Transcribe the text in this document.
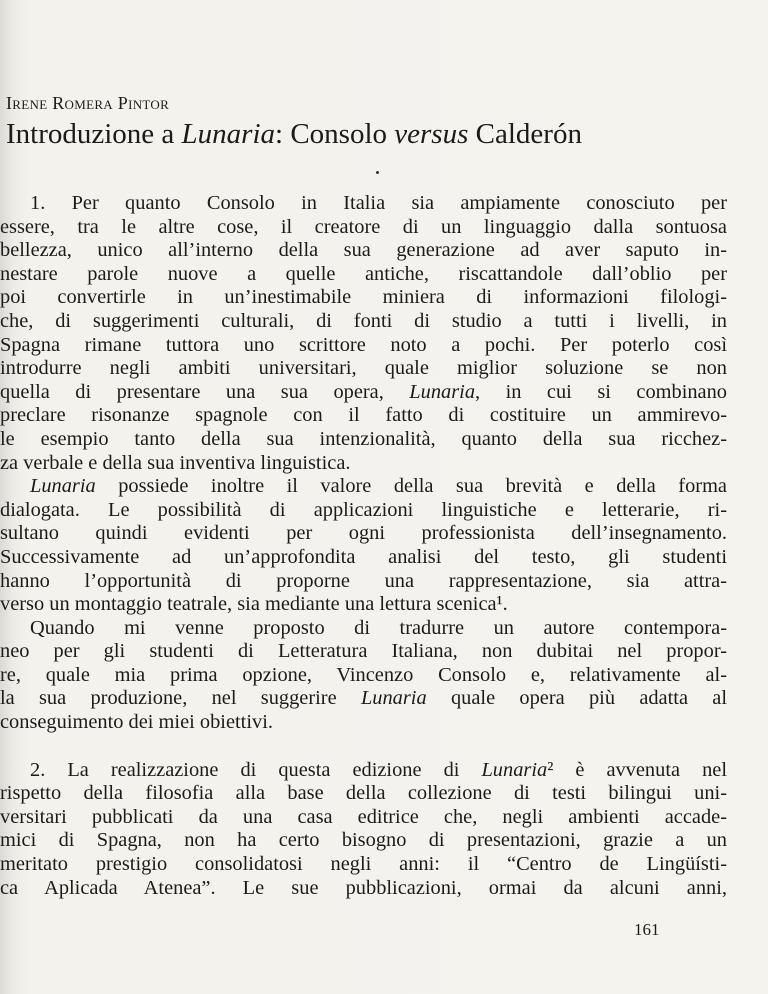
Irene Romera Pintor
Introduzione a Lunaria: Consolo versus Calderón
1. Per quanto Consolo in Italia sia ampiamente conosciuto per
essere, tra le altre cose, il creatore di un linguaggio dalla sontuosa
bellezza, unico all’interno della sua generazione ad aver saputo in-
nestare parole nuove a quelle antiche, riscattandole dall’oblio per
poi convertirle in un’inestimabile miniera di informazioni filologi-
che, di suggerimenti culturali, di fonti di studio a tutti i livelli, in
Spagna rimane tuttora uno scrittore noto a pochi. Per poterlo così
introdurre negli ambiti universitari, quale miglior soluzione se non
quella di presentare una sua opera, Lunaria, in cui si combinano
preclare risonanze spagnole con il fatto di costituire un ammirevo-
le esempio tanto della sua intenzionalità, quanto della sua ricchez-
za verbale e della sua inventiva linguistica.
Lunaria possiede inoltre il valore della sua brevità e della forma
dialogata. Le possibilità di applicazioni linguistiche e letterarie, ri-
sultano quindi evidenti per ogni professionista dell’insegnamento.
Successivamente ad un’approfondita analisi del testo, gli studenti
hanno l’opportunità di proporne una rappresentazione, sia attra-
verso un montaggio teatrale, sia mediante una lettura scenica¹.
Quando mi venne proposto di tradurre un autore contempora-
neo per gli studenti di Letteratura Italiana, non dubitai nel propor-
re, quale mia prima opzione, Vincenzo Consolo e, relativamente al-
la sua produzione, nel suggerire Lunaria quale opera più adatta al
conseguimento dei miei obiettivi.
2. La realizzazione di questa edizione di Lunaria² è avvenuta nel
rispetto della filosofia alla base della collezione di testi bilingui uni-
versitari pubblicati da una casa editrice che, negli ambienti accade-
mici di Spagna, non ha certo bisogno di presentazioni, grazie a un
meritato prestigio consolidatosi negli anni: il “Centro de Lingüísti-
ca Aplicada Atenea”. Le sue pubblicazioni, ormai da alcuni anni,
161
